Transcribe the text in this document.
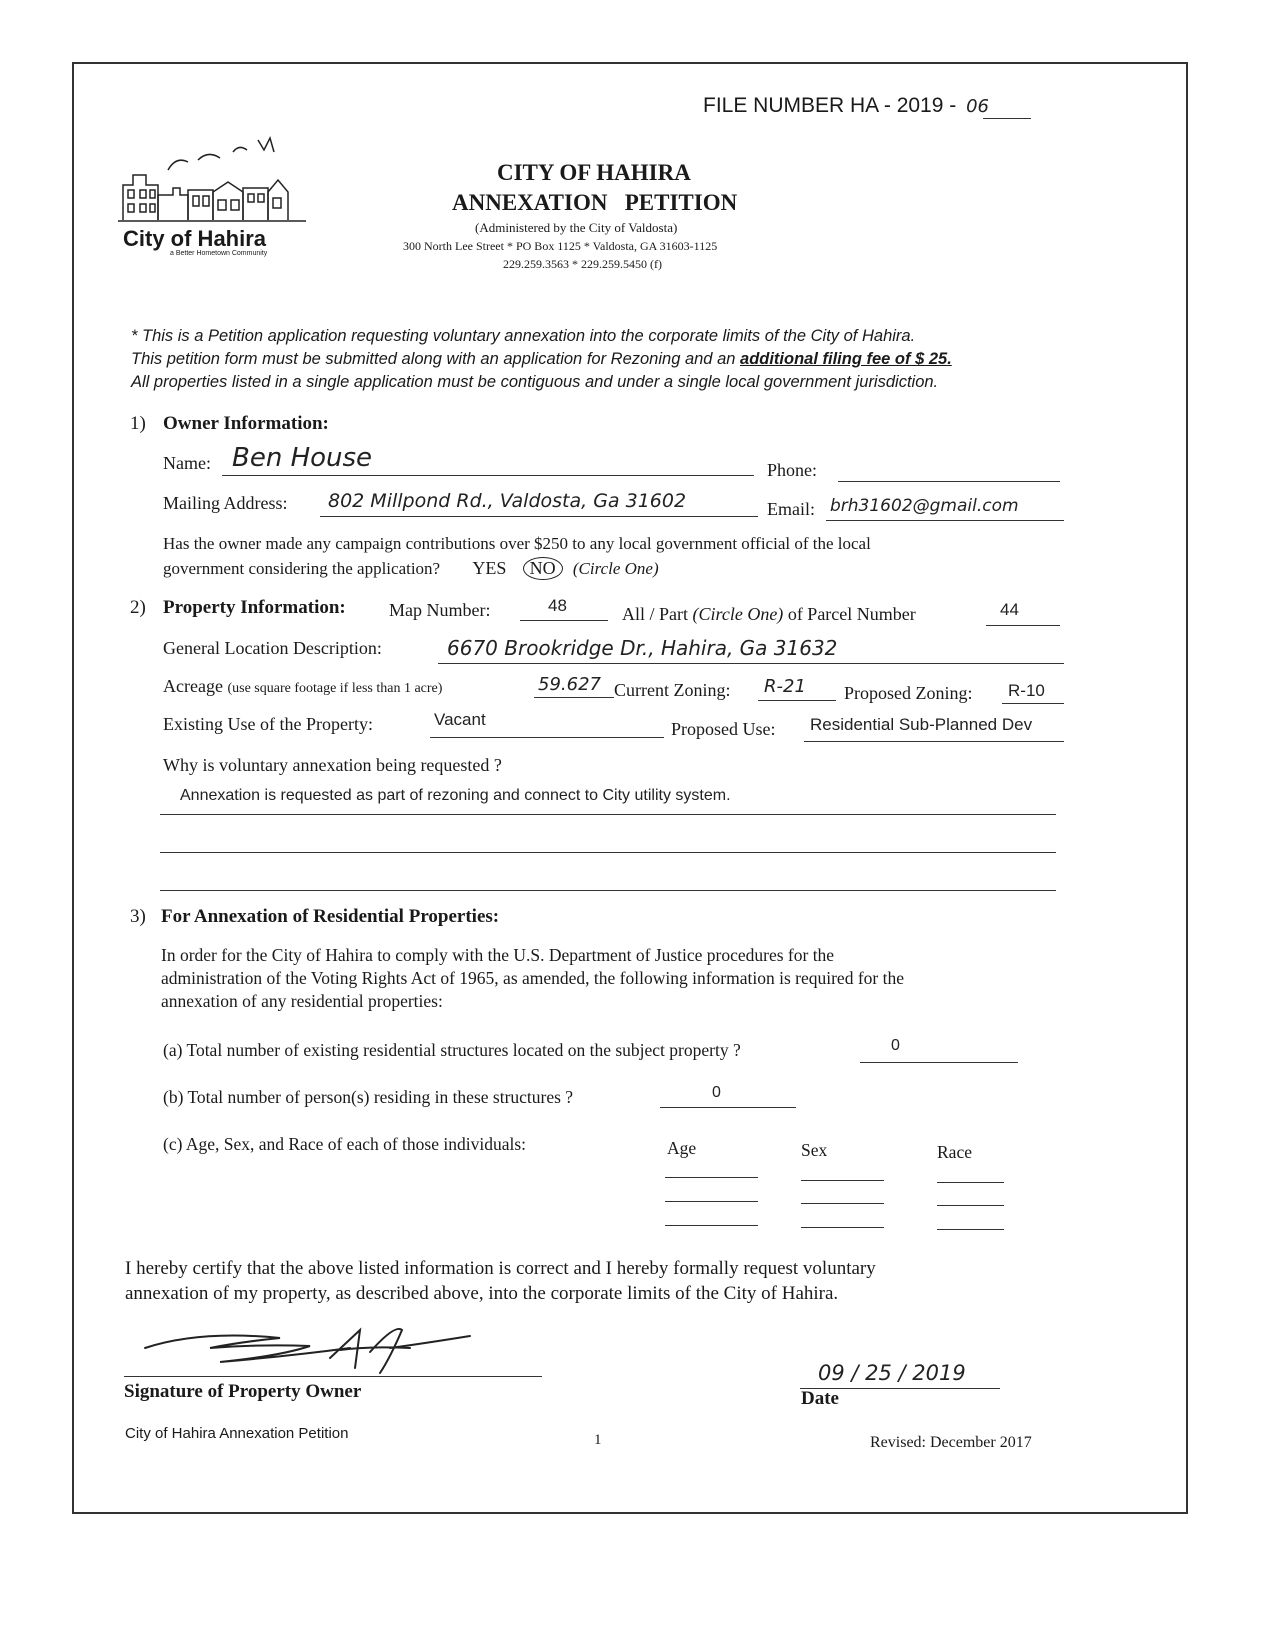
FILE NUMBER HA - 2019 - 06
City of Hahira
a Better Hometown Community
CITY OF HAHIRA
ANNEXATION   PETITION
(Administered by the City of Valdosta)
300 North Lee Street * PO Box 1125 * Valdosta, GA 31603-1125
229.259.3563 * 229.259.5450 (f)
* This is a Petition application requesting voluntary annexation into the corporate limits of the City of Hahira.
This petition form must be submitted along with an application for Rezoning and an additional filing fee of $ 25.
All properties listed in a single application must be contiguous and under a single local government jurisdiction.
1) Owner Information:
Name: Ben House	Phone:
Mailing Address: 802 Millpond Rd., Valdosta, Ga 31602	Email: brh31602@gmail.com
Has the owner made any campaign contributions over $250 to any local government official of the local
government considering the application? YES NO (Circle One)
2) Property Information: Map Number:	48	All / Part (Circle One) of Parcel Number	44
General Location Description:	6670 Brookridge Dr., Hahira, Ga 31632
Acreage (use square footage if less than 1 acre)	59.627 Current Zoning: R-21 Proposed Zoning: R-10
Existing Use of the Property:	Vacant	Proposed Use: Residential Sub-Planned Dev
Why is voluntary annexation being requested ?
Annexation is requested as part of rezoning and connect to City utility system.
3) For Annexation of Residential Properties:
In order for the City of Hahira to comply with the U.S. Department of Justice procedures for the
administration of the Voting Rights Act of 1965, as amended, the following information is required for the
annexation of any residential properties:
(a) Total number of existing residential structures located on the subject property ?	0
(b) Total number of person(s) residing in these structures ?	0
(c) Age, Sex, and Race of each of those individuals:	Age	Sex	Race
I hereby certify that the above listed information is correct and I hereby formally request voluntary
annexation of my property, as described above, into the corporate limits of the City of Hahira.
Signature of Property Owner
09 / 25 / 2019
Date
City of Hahira Annexation Petition	1	Revised: December 2017
